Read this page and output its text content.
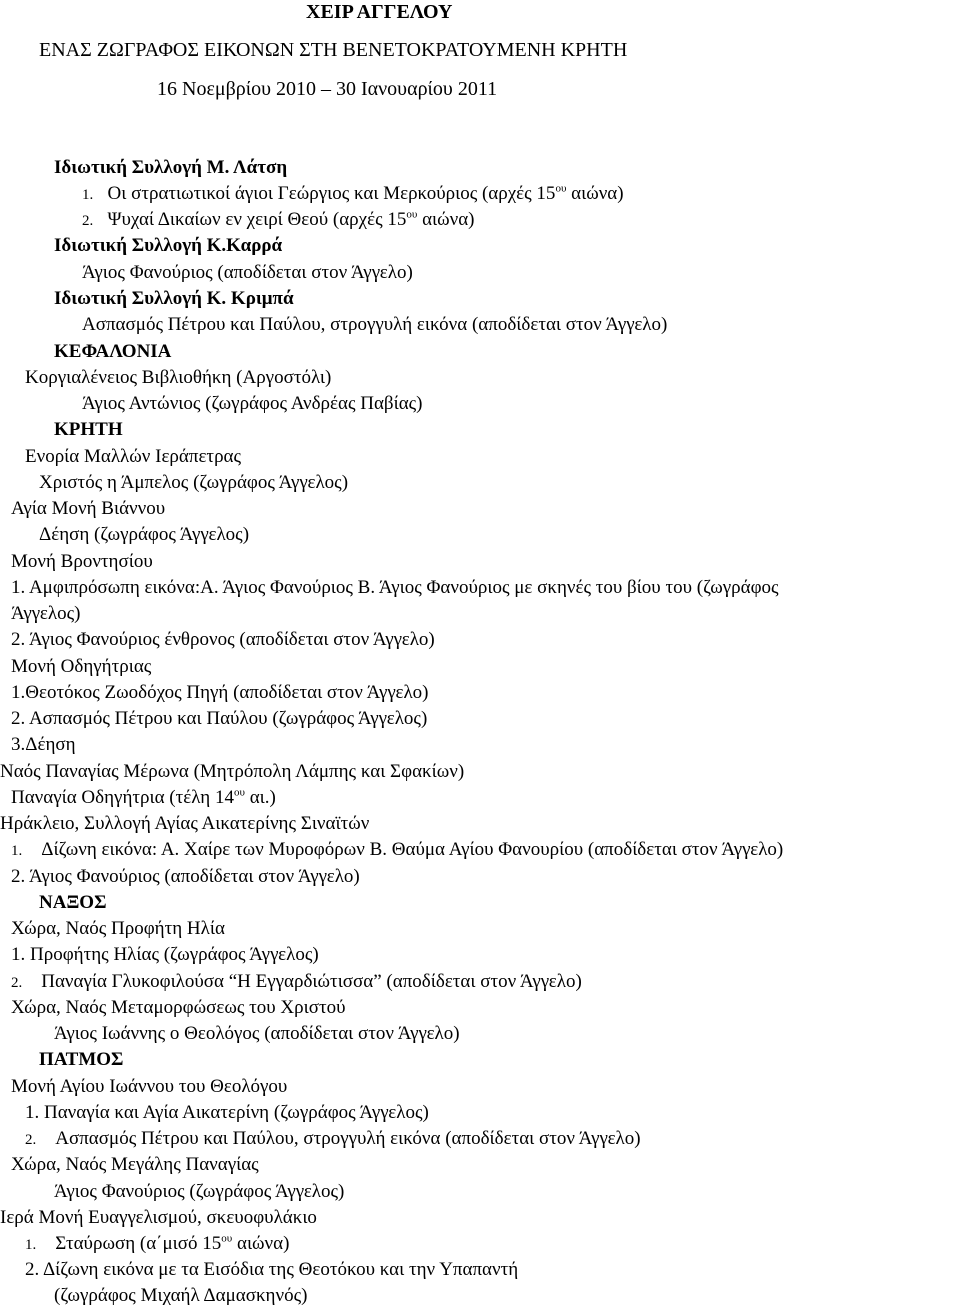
ΧΕΙΡ ΑΓΓΕΛΟΥ
ΕΝΑΣ ΖΩΓΡΑΦΟΣ ΕΙΚΟΝΩΝ ΣΤΗ ΒΕΝΕΤΟΚΡΑΤΟΥΜΕΝΗ ΚΡΗΤΗ
16 Νοεμβρίου 2010 – 30 Ιανουαρίου 2011
Ιδιωτική Συλλογή Μ. Λάτση
1. Οι στρατιωτικοί άγιοι Γεώργιος και Μερκούριος (αρχές $15^{o\upsilon}$ αιώνα)
2. Ψυχαί Δικαίων εν χειρί Θεού (αρχές $15^{o\upsilon}$ αιώνα)
Ιδιωτική Συλλογή Κ.Καρρά
Άγιος Φανούριος (αποδίδεται στον Άγγελο)
Ιδιωτική Συλλογή Κ. Κριμπά
Ασπασμός Πέτρου και Παύλου, στρογγυλή εικόνα (αποδίδεται στον Άγγελο)
ΚΕΦΑΛΟΝΙΑ
Κοργιαλένειος Βιβλιοθήκη (Αργοστόλι)
Άγιος Αντώνιος (ζωγράφος Ανδρέας Παβίας)
ΚΡΗΤΗ
Ενορία Μαλλών Ιεράπετρας
Χριστός η Άμπελος (ζωγράφος Άγγελος)
Αγία Μονή Βιάννου
Δέηση (ζωγράφος Άγγελος)
Μονή Βροντησίου
1. Αμφιπρόσωπη εικόνα:Α. Άγιος Φανούριος Β. Άγιος Φανούριος με σκηνές του βίου του (ζωγράφος
Άγγελος)
2. Άγιος Φανούριος ένθρονος (αποδίδεται στον Άγγελο)
Μονή Οδηγήτριας
1.Θεοτόκος Ζωοδόχος Πηγή (αποδίδεται στον Άγγελο)
2. Ασπασμός Πέτρου και Παύλου (ζωγράφος Άγγελος)
3.Δέηση
Ναός Παναγίας Μέρωνα (Μητρόπολη Λάμπης και Σφακίων)
Παναγία Οδηγήτρια (τέλη $14^{o\upsilon}$ αι.)
Ηράκλειο, Συλλογή Αγίας Αικατερίνης Σιναϊτών
1. Δίζωνη εικόνα: Α. Χαίρε των Μυροφόρων Β. Θαύμα Αγίου Φανουρίου (αποδίδεται στον Άγγελο)
2. Άγιος Φανούριος (αποδίδεται στον Άγγελο)
ΝΑΞΟΣ
Χώρα, Ναός Προφήτη Ηλία
1. Προφήτης Ηλίας (ζωγράφος Άγγελος)
2. Παναγία Γλυκοφιλούσα “Η Εγγαρδιώτισσα” (αποδίδεται στον Άγγελο)
Χώρα, Ναός Μεταμορφώσεως του Χριστού
Άγιος Ιωάννης ο Θεολόγος (αποδίδεται στον Άγγελο)
ΠΑΤΜΟΣ
Μονή Αγίου Ιωάννου του Θεολόγου
1. Παναγία και Αγία Αικατερίνη (ζωγράφος Άγγελος)
2. Ασπασμός Πέτρου και Παύλου, στρογγυλή εικόνα (αποδίδεται στον Άγγελο)
Χώρα, Ναός Μεγάλης Παναγίας
Άγιος Φανούριος (ζωγράφος Άγγελος)
Ιερά Μονή Ευαγγελισμού, σκευοφυλάκιο
1. Σταύρωση (α΄μισό $15^{o\upsilon}$ αιώνα)
2. Δίζωνη εικόνα με τα Εισόδια της Θεοτόκου και την Υπαπαντή
(ζωγράφος Μιχαήλ Δαμασκηνός)
